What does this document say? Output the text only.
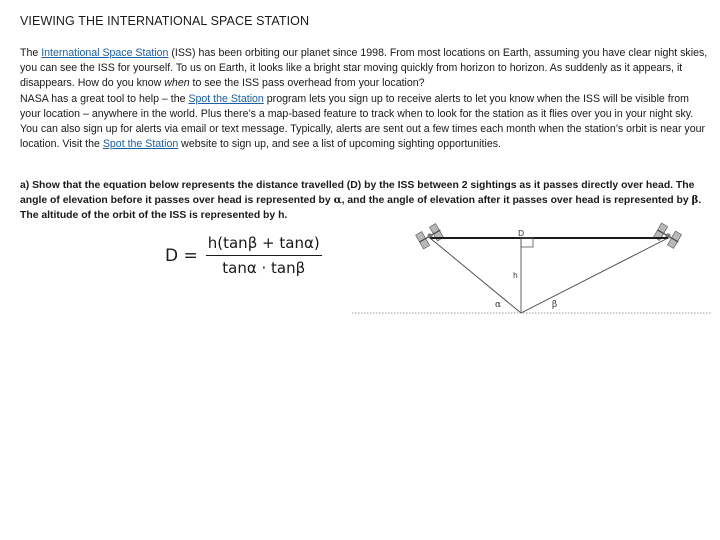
VIEWING THE INTERNATIONAL SPACE STATION

The International Space Station (ISS) has been orbiting our planet since 1998. From most locations on Earth, assuming you have clear night skies, you can see the ISS for yourself. To us on Earth, it looks like a bright star moving quickly from horizon to horizon. As suddenly as it appears, it disappears. How do you know when to see the ISS pass overhead from your location?

NASA has a great tool to help – the Spot the Station program lets you sign up to receive alerts to let you know when the ISS will be visible from your location – anywhere in the world. Plus there’s a map-based feature to track when to look for the station as it flies over you in your night sky.

You can also sign up for alerts via email or text message. Typically, alerts are sent out a few times each month when the station’s orbit is near your location. Visit the Spot the Station website to sign up, and see a list of upcoming sighting opportunities.

a) Show that the equation below represents the distance travelled (D) by the ISS between 2 sightings as it passes directly over head. The angle of elevation before it passes over head is represented by α, and the angle of elevation after it passes over head is represented by β.

The altitude of the orbit of the ISS is represented by h.

$D = \frac{h(\tan\beta + \tan\alpha)}{\tan\alpha \cdot \tan\beta}$
D
h
α	β
